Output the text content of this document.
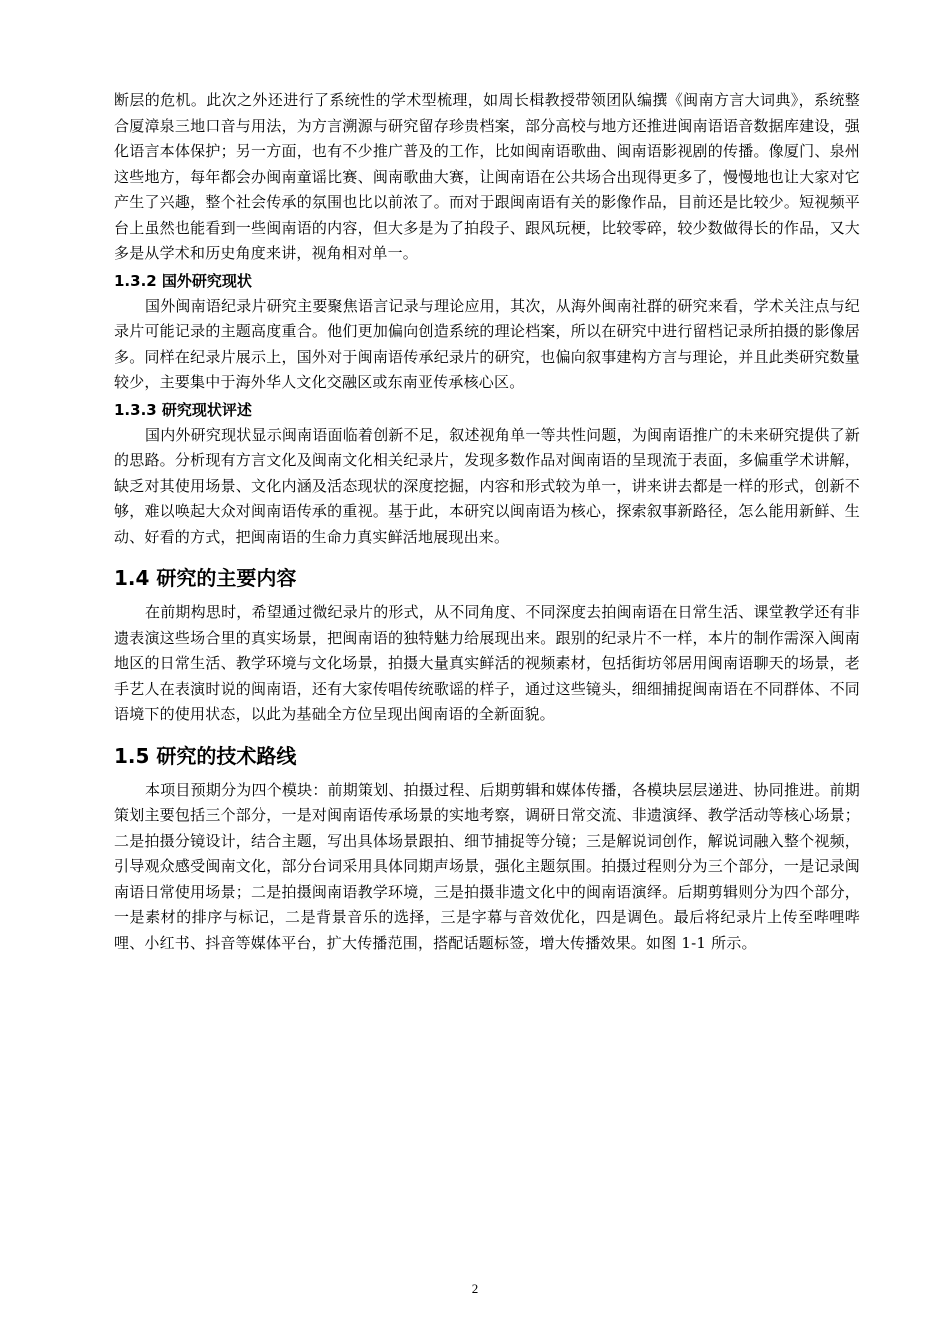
断层的危机。此次之外还进行了系统性的学术型梳理，如周长楫教授带领团队编撰《闽南方言大词典》，系统整合厦漳泉三地口音与用法，为方言溯源与研究留存珍贵档案，部分高校与地方还推进闽南语语音数据库建设，强化语言本体保护；另一方面，也有不少推广普及的工作，比如闽南语歌曲、闽南语影视剧的传播。像厦门、泉州这些地方，每年都会办闽南童谣比赛、闽南歌曲大赛，让闽南语在公共场合出现得更多了，慢慢地也让大家对它产生了兴趣，整个社会传承的氛围也比以前浓了。而对于跟闽南语有关的影像作品，目前还是比较少。短视频平台上虽然也能看到一些闽南语的内容，但大多是为了拍段子、跟风玩梗，比较零碎，较少数做得长的作品，又大多是从学术和历史角度来讲，视角相对单一。

1.3.2 国外研究现状

国外闽南语纪录片研究主要聚焦语言记录与理论应用，其次，从海外闽南社群的研究来看，学术关注点与纪录片可能记录的主题高度重合。他们更加偏向创造系统的理论档案，所以在研究中进行留档记录所拍摄的影像居多。同样在纪录片展示上，国外对于闽南语传承纪录片的研究，也偏向叙事建构方言与理论，并且此类研究数量较少，主要集中于海外华人文化交融区或东南亚传承核心区。

1.3.3 研究现状评述

国内外研究现状显示闽南语面临着创新不足，叙述视角单一等共性问题，为闽南语推广的未来研究提供了新的思路。分析现有方言文化及闽南文化相关纪录片，发现多数作品对闽南语的呈现流于表面，多偏重学术讲解，缺乏对其使用场景、文化内涵及活态现状的深度挖掘，内容和形式较为单一，讲来讲去都是一样的形式，创新不够，难以唤起大众对闽南语传承的重视。基于此，本研究以闽南语为核心，探索叙事新路径，怎么能用新鲜、生动、好看的方式，把闽南语的生命力真实鲜活地展现出来。

1.4 研究的主要内容

在前期构思时，希望通过微纪录片的形式，从不同角度、不同深度去拍闽南语在日常生活、课堂教学还有非遗表演这些场合里的真实场景，把闽南语的独特魅力给展现出来。跟别的纪录片不一样，本片的制作需深入闽南地区的日常生活、教学环境与文化场景，拍摄大量真实鲜活的视频素材，包括街坊邻居用闽南语聊天的场景，老手艺人在表演时说的闽南语，还有大家传唱传统歌谣的样子，通过这些镜头，细细捕捉闽南语在不同群体、不同语境下的使用状态，以此为基础全方位呈现出闽南语的全新面貌。

1.5 研究的技术路线

本项目预期分为四个模块：前期策划、拍摄过程、后期剪辑和媒体传播，各模块层层递进、协同推进。前期策划主要包括三个部分，一是对闽南语传承场景的实地考察，调研日常交流、非遗演绎、教学活动等核心场景；二是拍摄分镜设计，结合主题，写出具体场景跟拍、细节捕捉等分镜；三是解说词创作，解说词融入整个视频，引导观众感受闽南文化，部分台词采用具体同期声场景，强化主题氛围。拍摄过程则分为三个部分，一是记录闽南语日常使用场景；二是拍摄闽南语教学环境，三是拍摄非遗文化中的闽南语演绎。后期剪辑则分为四个部分，一是素材的排序与标记，二是背景音乐的选择，三是字幕与音效优化，四是调色。最后将纪录片上传至哔哩哔哩、小红书、抖音等媒体平台，扩大传播范围，搭配话题标签，增大传播效果。如图 1-1 所示。

2
